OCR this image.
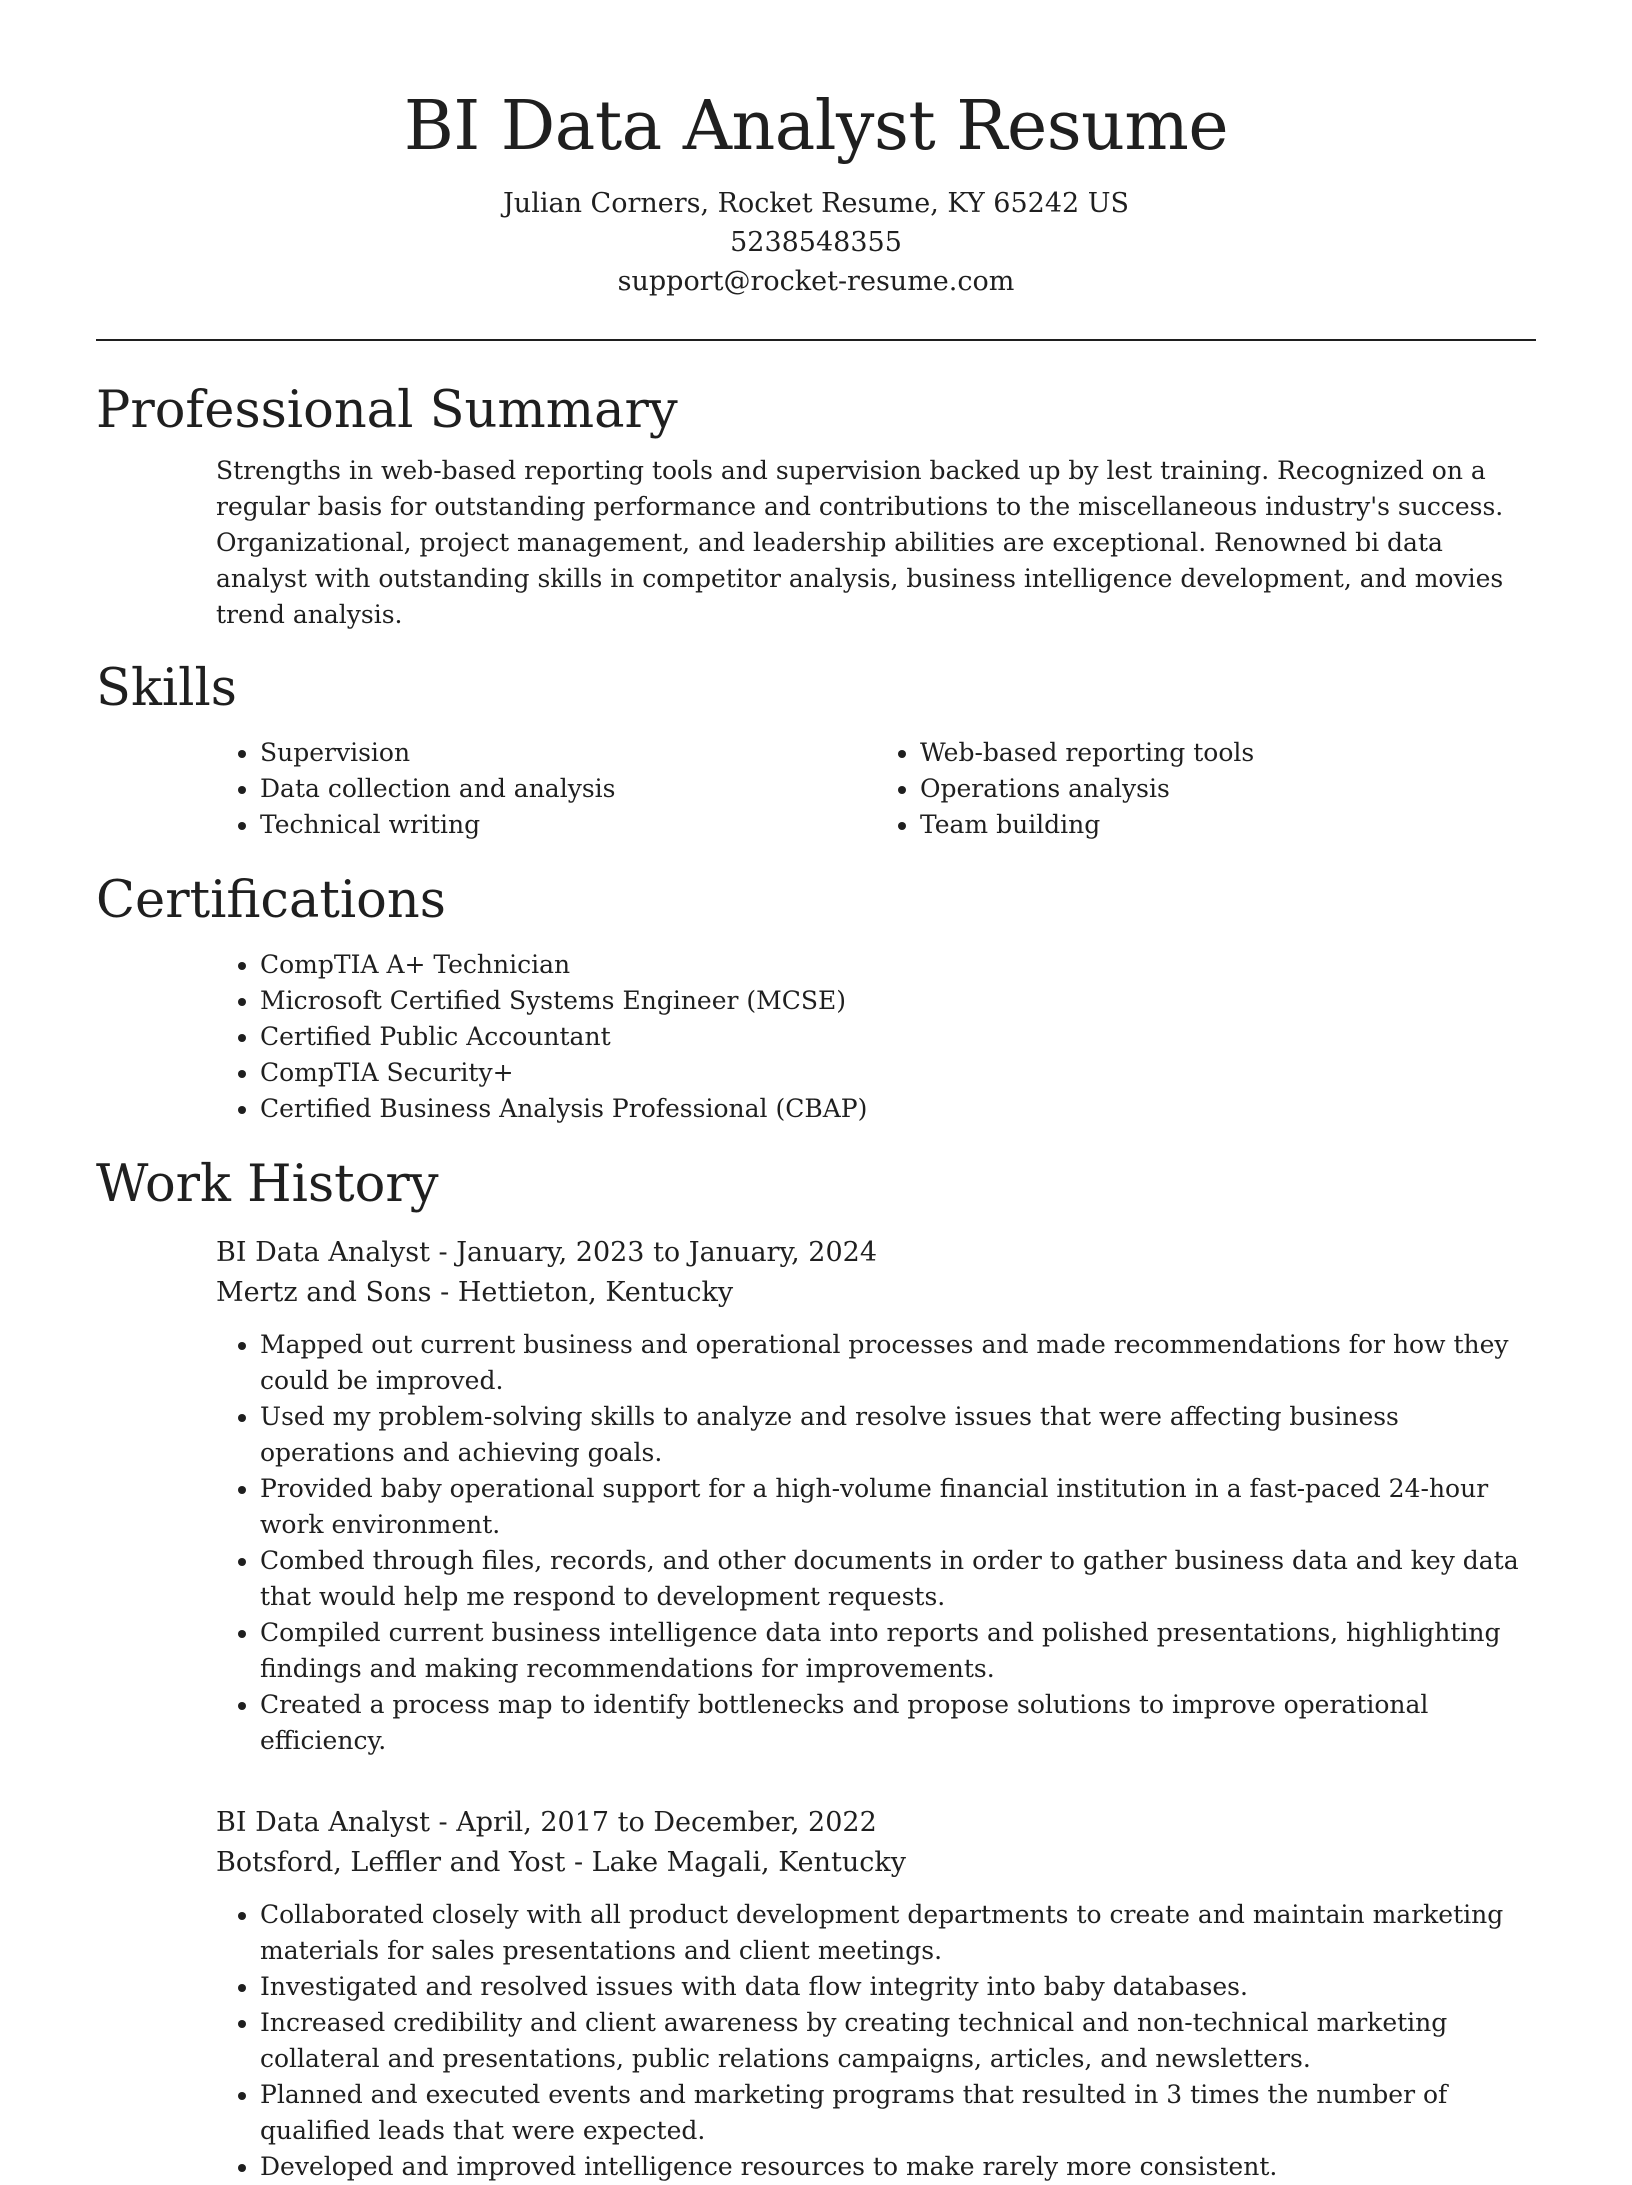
BI Data Analyst Resume
Julian Corners, Rocket Resume, KY 65242 US
5238548355
support@rocket-resume.com
Professional Summary

Strengths in web-based reporting tools and supervision backed up by lest training. Recognized on a regular basis for outstanding performance and contributions to the miscellaneous industry's success. Organizational, project management, and leadership abilities are exceptional. Renowned bi data analyst with outstanding skills in competitor analysis, business intelligence development, and movies trend analysis.

Skills
• Supervision
• Data collection and analysis
• Technical writing
• Web-based reporting tools
• Operations analysis
• Team building
Certifications
• CompTIA A+ Technician
• Microsoft Certified Systems Engineer (MCSE)
• Certified Public Accountant
• CompTIA Security+
• Certified Business Analysis Professional (CBAP)
Work History
BI Data Analyst - January, 2023 to January, 2024
Mertz and Sons - Hettieton, Kentucky
• Mapped out current business and operational processes and made recommendations for how they could be improved.
• Used my problem-solving skills to analyze and resolve issues that were affecting business operations and achieving goals.
• Provided baby operational support for a high-volume financial institution in a fast-paced 24-hour work environment.
• Combed through files, records, and other documents in order to gather business data and key data that would help me respond to development requests.
• Compiled current business intelligence data into reports and polished presentations, highlighting findings and making recommendations for improvements.
• Created a process map to identify bottlenecks and propose solutions to improve operational efficiency.
BI Data Analyst - April, 2017 to December, 2022
Botsford, Leffler and Yost - Lake Magali, Kentucky
• Collaborated closely with all product development departments to create and maintain marketing materials for sales presentations and client meetings.
• Investigated and resolved issues with data flow integrity into baby databases.
• Increased credibility and client awareness by creating technical and non-technical marketing collateral and presentations, public relations campaigns, articles, and newsletters.
• Planned and executed events and marketing programs that resulted in 3 times the number of qualified leads that were expected.
• Developed and improved intelligence resources to make rarely more consistent.
